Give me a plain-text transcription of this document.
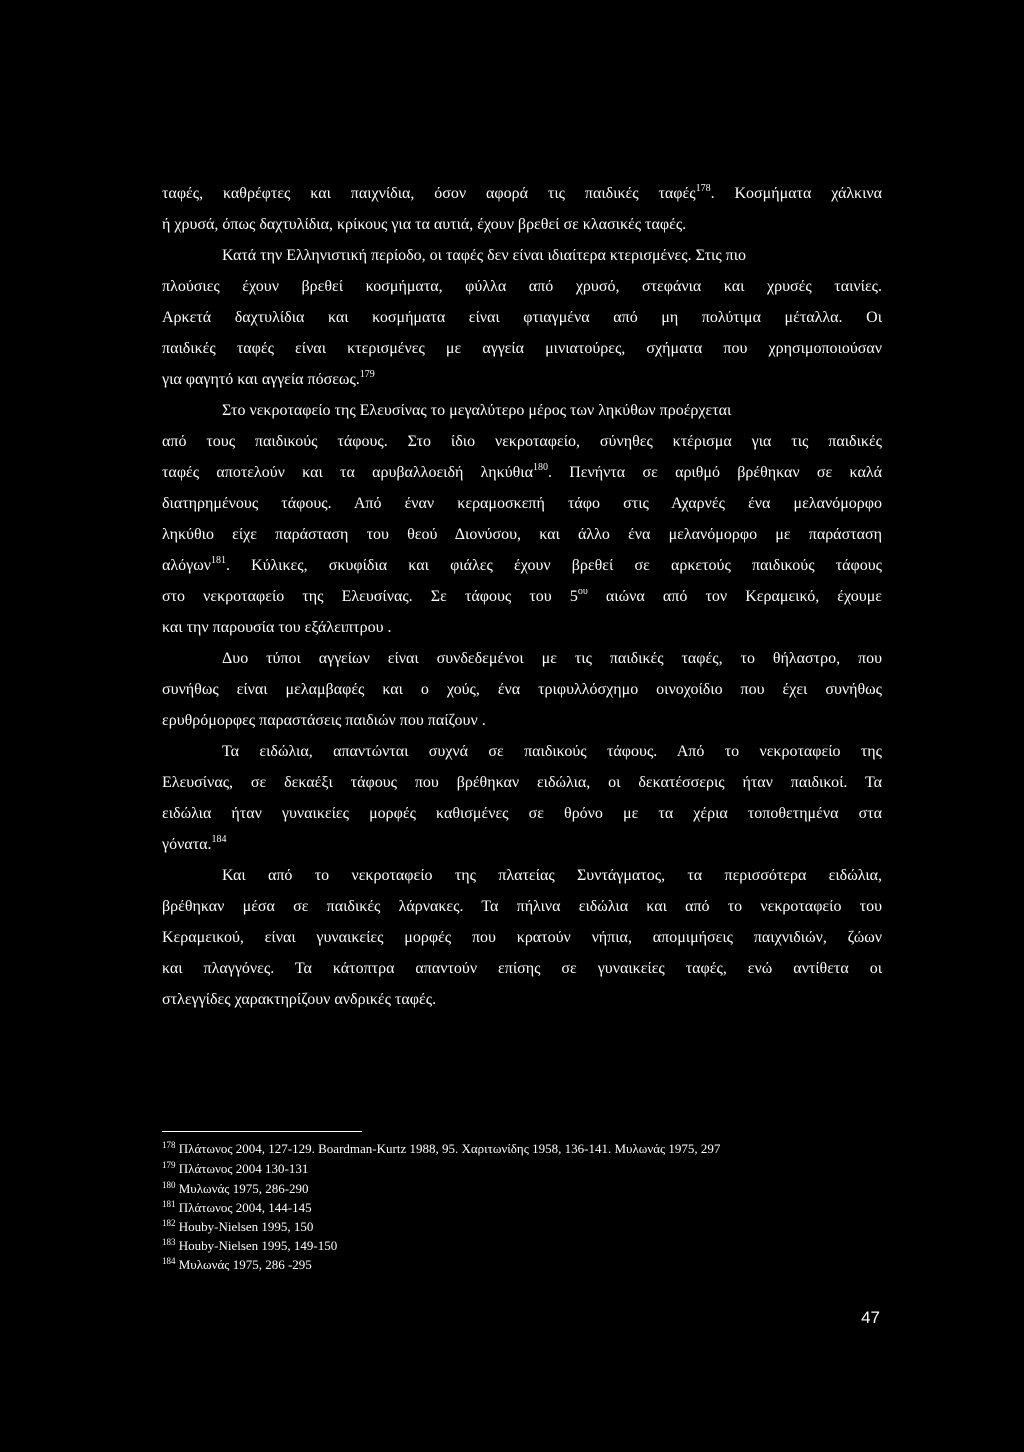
ταφές, καθρέφτες και παιχνίδια, όσον αφορά τις παιδικές ταφές$^{178}$. Κοσμήματα χάλκινα
ή χρυσά, όπως δαχτυλίδια, κρίκους για τα αυτιά, έχουν βρεθεί σε κλασικές ταφές.
Κατά την Ελληνιστική περίοδο, οι ταφές δεν είναι ιδιαίτερα κτερισμένες. Στις πιο
πλούσιες έχουν βρεθεί κοσμήματα, φύλλα από χρυσό, στεφάνια και χρυσές ταινίες.
Αρκετά δαχτυλίδια και κοσμήματα είναι φτιαγμένα από μη πολύτιμα μέταλλα. Οι
παιδικές ταφές είναι κτερισμένες με αγγεία μινιατούρες, σχήματα που χρησιμοποιούσαν
για φαγητό και αγγεία πόσεως.$^{179}$
Στο νεκροταφείο της Ελευσίνας το μεγαλύτερο μέρος των ληκύθων προέρχεται
από τους παιδικούς τάφους. Στο ίδιο νεκροταφείο, σύνηθες κτέρισμα για τις παιδικές
ταφές αποτελούν και τα αρυβαλλοειδή ληκύθια$^{180}$. Πενήντα σε αριθμό βρέθηκαν σε καλά
διατηρημένους τάφους. Από έναν κεραμοσκεπή τάφο στις Αχαρνές ένα μελανόμορφο
ληκύθιο είχε παράσταση του θεού Διονύσου, και άλλο ένα μελανόμορφο με παράσταση
αλόγων$^{181}$. Κύλικες, σκυφίδια και φιάλες έχουν βρεθεί σε αρκετούς παιδικούς τάφους
στο νεκροταφείο της Ελευσίνας. Σε τάφους του $5^{o\upsilon}$ αιώνα από τον Κεραμεικό, έχουμε
και την παρουσία του εξάλειπτρου .
Δυο τύποι αγγείων είναι συνδεδεμένοι με τις παιδικές ταφές, το θήλαστρο, που
συνήθως είναι μελαμβαφές και ο χούς, ένα τριφυλλόσχημο οινοχοίδιο που έχει συνήθως
ερυθρόμορφες παραστάσεις παιδιών που παίζουν .
Τα ειδώλια, απαντώνται συχνά σε παιδικούς τάφους. Από το νεκροταφείο της
Ελευσίνας, σε δεκαέξι τάφους που βρέθηκαν ειδώλια, οι δεκατέσσερις ήταν παιδικοί. Τα
ειδώλια ήταν γυναικείες μορφές καθισμένες σε θρόνο με τα χέρια τοποθετημένα στα
γόνατα.$^{184}$
Και από το νεκροταφείο της πλατείας Συντάγματος, τα περισσότερα ειδώλια,
βρέθηκαν μέσα σε παιδικές λάρνακες. Τα πήλινα ειδώλια και από το νεκροταφείο του
Κεραμεικού, είναι γυναικείες μορφές που κρατούν νήπια, απομιμήσεις παιχνιδιών, ζώων
και πλαγγόνες. Τα κάτοπτρα απαντούν επίσης σε γυναικείες ταφές, ενώ αντίθετα οι
στλεγγίδες χαρακτηρίζουν ανδρικές ταφές.
$^{178}$ Πλάτωνος 2004, 127-129. Boardman-Kurtz 1988, 95. Χαριτωνίδης 1958, 136-141. Μυλωνάς 1975, 297
$^{179}$ Πλάτωνος 2004 130-131
$^{180}$ Μυλωνάς 1975, 286-290
$^{181}$ Πλάτωνος 2004, 144-145
$^{182}$ Houby-Nielsen 1995, 150
$^{183}$ Houby-Nielsen 1995, 149-150
$^{184}$ Μυλωνάς 1975, 286 -295
47
